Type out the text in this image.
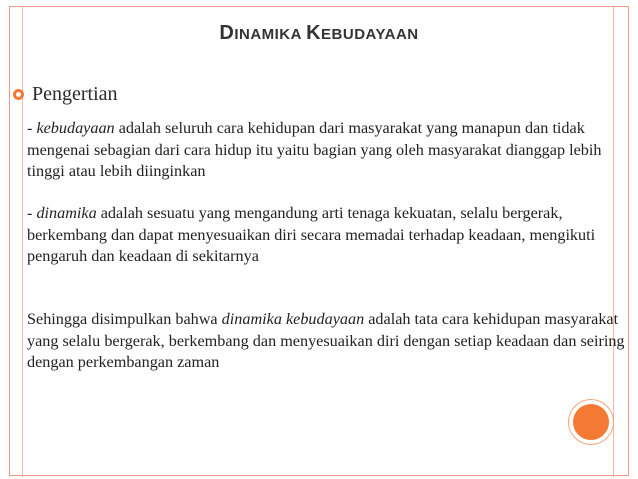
DINAMIKA KEBUDAYAAN
Pengertian
- kebudayaan adalah seluruh cara kehidupan dari masyarakat yang manapun dan tidak mengenai sebagian dari cara hidup itu yaitu bagian yang oleh masyarakat dianggap lebih tinggi atau lebih diinginkan
- dinamika adalah sesuatu yang mengandung arti tenaga kekuatan, selalu bergerak, berkembang dan dapat menyesuaikan diri secara memadai terhadap keadaan, mengikuti pengaruh dan keadaan di sekitarnya
Sehingga disimpulkan bahwa dinamika kebudayaan adalah tata cara kehidupan masyarakat yang selalu bergerak, berkembang dan menyesuaikan diri dengan setiap keadaan dan seiring dengan perkembangan zaman
